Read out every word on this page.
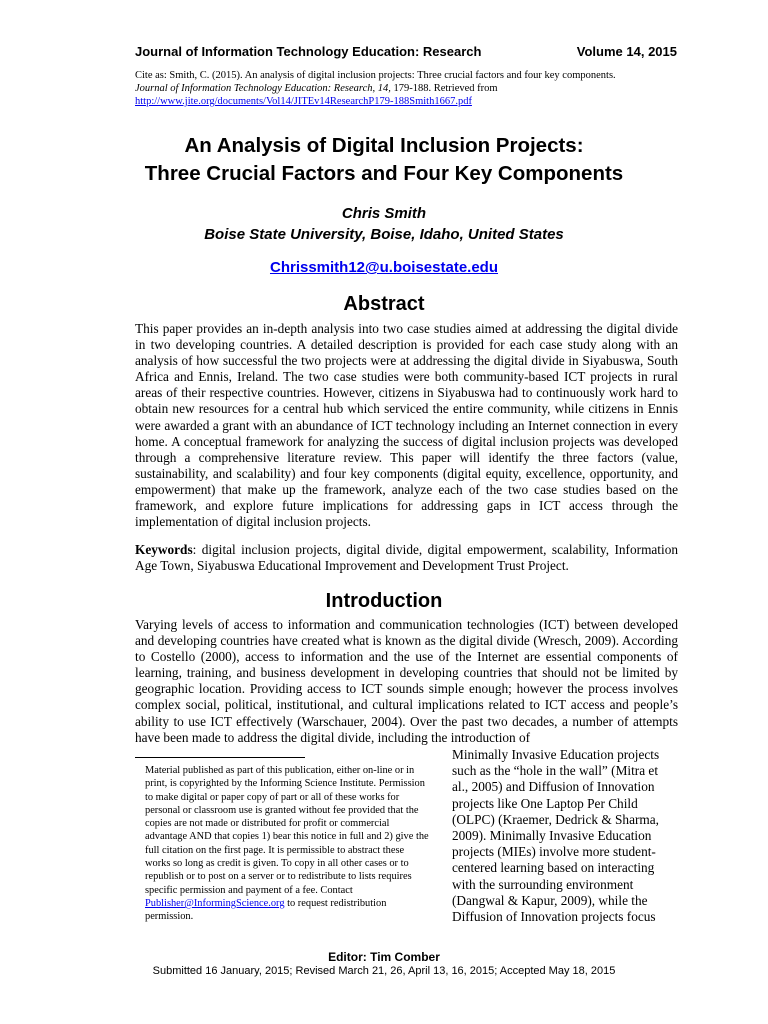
Journal of Information Technology Education: Research	Volume 14, 2015
Cite as: Smith, C. (2015). An analysis of digital inclusion projects: Three crucial factors and four key components.
Journal of Information Technology Education: Research, 14, 179-188. Retrieved from
http://www.jite.org/documents/Vol14/JITEv14ResearchP179-188Smith1667.pdf
An Analysis of Digital Inclusion Projects:
Three Crucial Factors and Four Key Components
Chris Smith
Boise State University, Boise, Idaho, United States
Chrissmith12@u.boisestate.edu
Abstract
This paper provides an in-depth analysis into two case studies aimed at addressing the digital divide in two developing countries. A detailed description is provided for each case study along with an analysis of how successful the two projects were at addressing the digital divide in Siyabuswa, South Africa and Ennis, Ireland. The two case studies were both community-based ICT projects in rural areas of their respective countries. However, citizens in Siyabuswa had to continuously work hard to obtain new resources for a central hub which serviced the entire community, while citizens in Ennis were awarded a grant with an abundance of ICT technology including an Internet connection in every home. A conceptual framework for analyzing the success of digital inclusion projects was developed through a comprehensive literature review. This paper will identify the three factors (value, sustainability, and scalability) and four key components (digital equity, excellence, opportunity, and empowerment) that make up the framework, analyze each of the two case studies based on the framework, and explore future implications for addressing gaps in ICT access through the implementation of digital inclusion projects.
Keywords: digital inclusion projects, digital divide, digital empowerment, scalability, Information Age Town, Siyabuswa Educational Improvement and Development Trust Project.
Introduction
Varying levels of access to information and communication technologies (ICT) between developed and developing countries have created what is known as the digital divide (Wresch, 2009). According to Costello (2000), access to information and the use of the Internet are essential components of learning, training, and business development in developing countries that should not be limited by geographic location. Providing access to ICT sounds simple enough; however the process involves complex social, political, institutional, and cultural implications related to ICT access and people’s ability to use ICT effectively (Warschauer, 2004). Over the past two decades, a number of attempts have been made to address the digital divide, including the introduction of
Minimally Invasive Education projects such as the “hole in the wall” (Mitra et al., 2005) and Diffusion of Innovation projects like One Laptop Per Child (OLPC) (Kraemer, Dedrick & Sharma, 2009). Minimally Invasive Education projects (MIEs) involve more student-centered learning based on interacting with the surrounding environment (Dangwal & Kapur, 2009), while the Diffusion of Innovation projects focus
Material published as part of this publication, either on-line or in print, is copyrighted by the Informing Science Institute. Permission to make digital or paper copy of part or all of these works for personal or classroom use is granted without fee provided that the copies are not made or distributed for profit or commercial advantage AND that copies 1) bear this notice in full and 2) give the full citation on the first page. It is permissible to abstract these works so long as credit is given. To copy in all other cases or to republish or to post on a server or to redistribute to lists requires specific permission and payment of a fee. Contact Publisher@InformingScience.org to request redistribution permission.
Editor: Tim Comber
Submitted 16 January, 2015; Revised March 21, 26, April 13, 16, 2015; Accepted May 18, 2015
